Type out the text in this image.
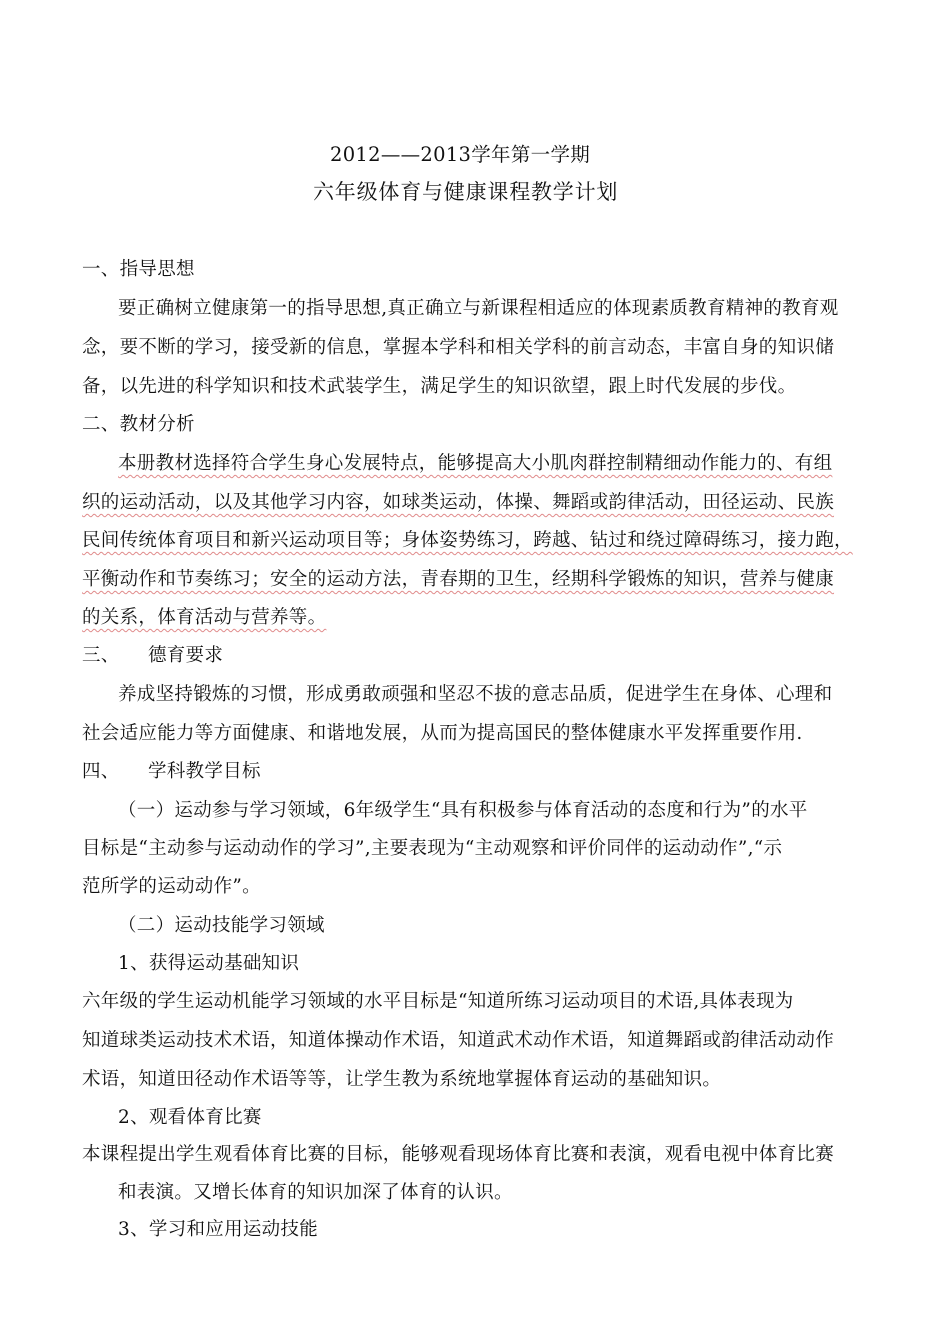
2012——2013学年第一学期
六年级体育与健康课程教学计划
一、指导思想
要正确树立健康第一的指导思想,真正确立与新课程相适应的体现素质教育精神的教育观
念，要不断的学习，接受新的信息，掌握本学科和相关学科的前言动态，丰富自身的知识储
备，以先进的科学知识和技术武装学生，满足学生的知识欲望，跟上时代发展的步伐。
二、教材分析
本册教材选择符合学生身心发展特点，能够提高大小肌肉群控制精细动作能力的、有组
织的运动活动，以及其他学习内容，如球类运动，体操、舞蹈或韵律活动，田径运动、民族
民间传统体育项目和新兴运动项目等；身体姿势练习，跨越、钻过和绕过障碍练习，接力跑，
平衡动作和节奏练习；安全的运动方法，青春期的卫生，经期科学锻炼的知识，营养与健康
的关系，体育活动与营养等。
三、　　德育要求
养成坚持锻炼的习惯，形成勇敢顽强和坚忍不拔的意志品质，促进学生在身体、心理和
社会适应能力等方面健康、和谐地发展，从而为提高国民的整体健康水平发挥重要作用.
四、　　学科教学目标
（一）运动参与学习领域，6年级学生“具有积极参与体育活动的态度和行为”的水平
目标是“主动参与运动动作的学习”,主要表现为“主动观察和评价同伴的运动动作”,“示
范所学的运动动作”。
（二）运动技能学习领域
1、获得运动基础知识
六年级的学生运动机能学习领域的水平目标是“知道所练习运动项目的术语,具体表现为
知道球类运动技术术语，知道体操动作术语，知道武术动作术语，知道舞蹈或韵律活动动作
术语，知道田径动作术语等等，让学生教为系统地掌握体育运动的基础知识。
2、观看体育比赛
本课程提出学生观看体育比赛的目标，能够观看现场体育比赛和表演，观看电视中体育比赛
和表演。又增长体育的知识加深了体育的认识。
3、学习和应用运动技能
